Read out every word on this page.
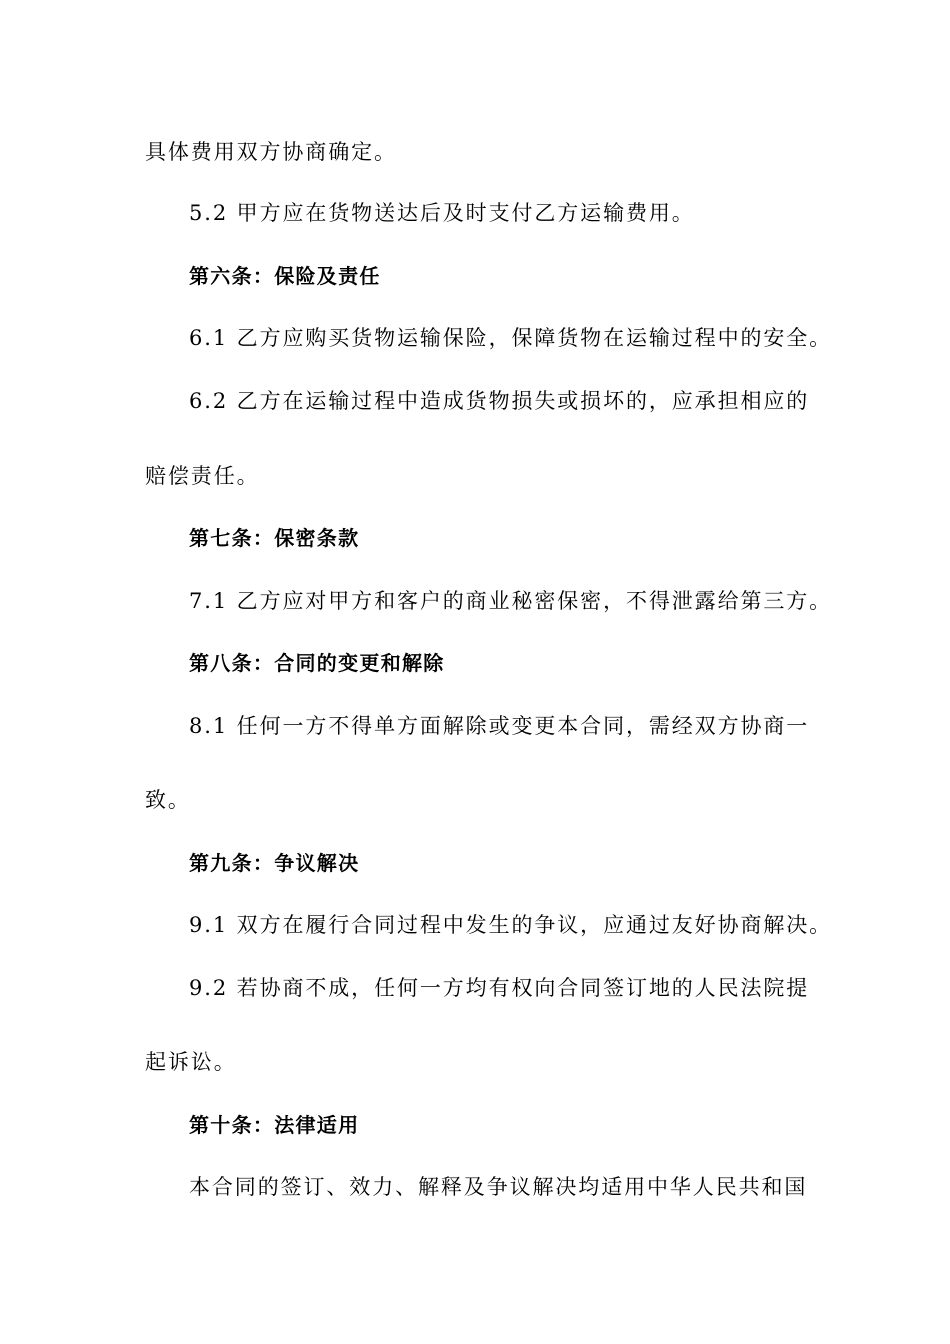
具体费用双方协商确定。
5.2 甲方应在货物送达后及时支付乙方运输费用。
第六条：保险及责任
6.1 乙方应购买货物运输保险，保障货物在运输过程中的安全。
6.2 乙方在运输过程中造成货物损失或损坏的，应承担相应的
赔偿责任。
第七条：保密条款
7.1 乙方应对甲方和客户的商业秘密保密，不得泄露给第三方。
第八条：合同的变更和解除
8.1 任何一方不得单方面解除或变更本合同，需经双方协商一
致。
第九条：争议解决
9.1 双方在履行合同过程中发生的争议，应通过友好协商解决。
9.2 若协商不成，任何一方均有权向合同签订地的人民法院提
起诉讼。
第十条：法律适用
本合同的签订、效力、解释及争议解决均适用中华人民共和国
